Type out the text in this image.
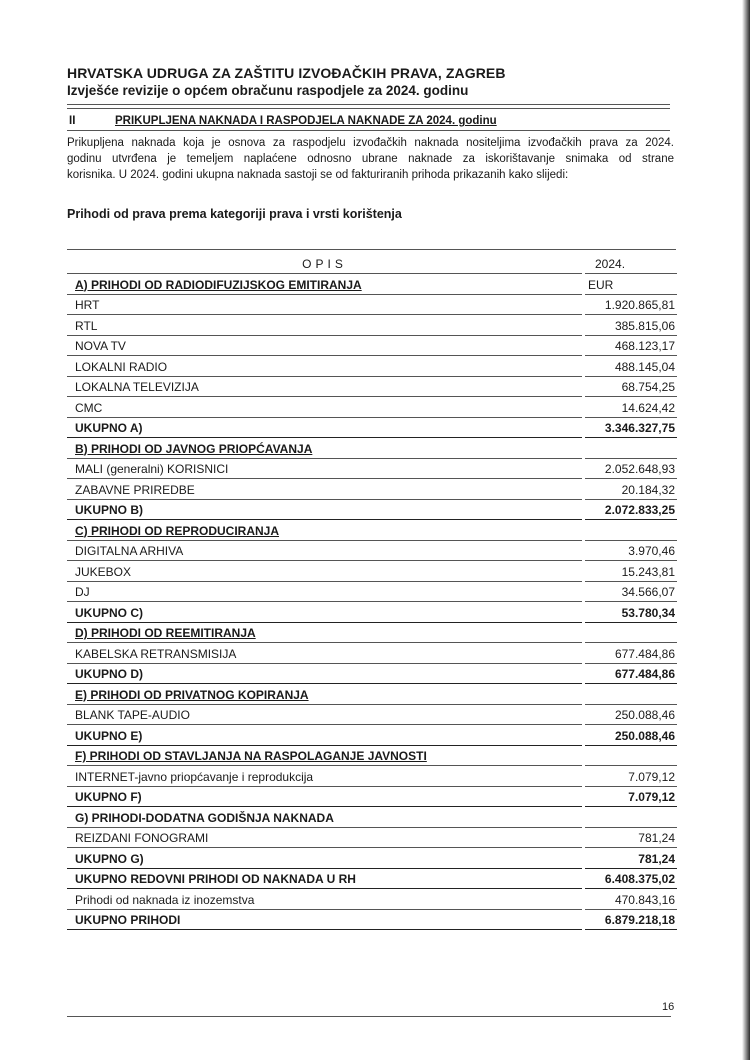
HRVATSKA UDRUGA ZA ZAŠTITU IZVOĐAČKIH PRAVA, ZAGREB
Izvješće revizije o općem obračunu raspodjele za 2024. godinu
II	PRIKUPLJENA NAKNADA I RASPODJELA NAKNADE ZA 2024. godinu
Prikupljena naknada koja je osnova za raspodjelu izvođačkih naknada nositeljima izvođačkih prava za 2024.
godinu utvrđena je temeljem naplaćene odnosno ubrane naknade za iskorištavanje snimaka od strane
korisnika. U 2024. godini ukupna naknada sastoji se od fakturiranih prihoda prikazanih kako slijedi:
Prihodi od prava prema kategoriji prava i vrsti korištenja
OPIS	2024.
A) PRIHODI OD RADIODIFUZIJSKOG EMITIRANJA	EUR
HRT	1.920.865,81
RTL	385.815,06
NOVA TV	468.123,17
LOKALNI RADIO	488.145,04
LOKALNA TELEVIZIJA	68.754,25
CMC	14.624,42
UKUPNO A)	3.346.327,75
B) PRIHODI OD JAVNOG PRIOPĆAVANJA
MALI (generalni) KORISNICI	2.052.648,93
ZABAVNE PRIREDBE	20.184,32
UKUPNO B)	2.072.833,25
C) PRIHODI OD REPRODUCIRANJA
DIGITALNA ARHIVA	3.970,46
JUKEBOX	15.243,81
DJ	34.566,07
UKUPNO C)	53.780,34
D) PRIHODI OD REEMITIRANJA
KABELSKA RETRANSMISIJA	677.484,86
UKUPNO D)	677.484,86
E) PRIHODI OD PRIVATNOG KOPIRANJA
BLANK TAPE-AUDIO	250.088,46
UKUPNO E)	250.088,46
F) PRIHODI OD STAVLJANJA NA RASPOLAGANJE JAVNOSTI
INTERNET-javno priopćavanje i reprodukcija	7.079,12
UKUPNO F)	7.079,12
G) PRIHODI-DODATNA GODIŠNJA NAKNADA
REIZDANI FONOGRAMI	781,24
UKUPNO G)	781,24
UKUPNO REDOVNI PRIHODI OD NAKNADA U RH	6.408.375,02
Prihodi od naknada iz inozemstva	470.843,16
UKUPNO PRIHODI	6.879.218,18
16
